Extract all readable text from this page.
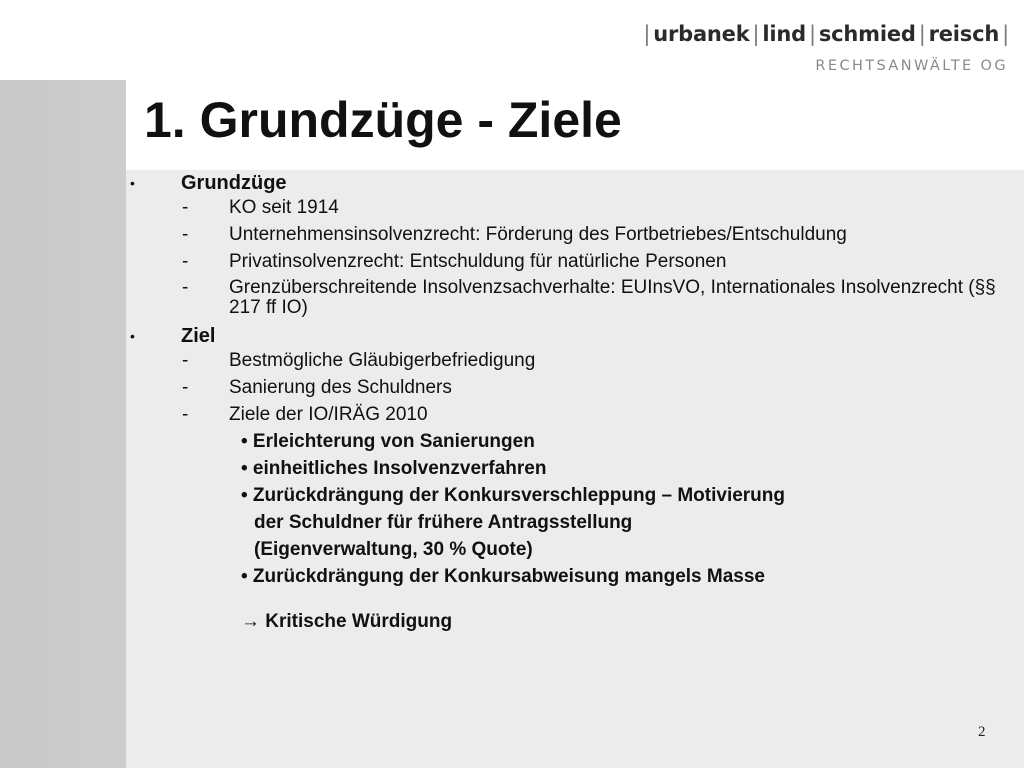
| urbanek | lind | schmied | reisch |
RECHTSANWÄLTE OG
1. Grundzüge - Ziele
• Grundzüge
- KO seit 1914
- Unternehmensinsolvenzrecht: Förderung des Fortbetriebes/Entschuldung
- Privatinsolvenzrecht: Entschuldung für natürliche Personen
- Grenzüberschreitende Insolvenzsachverhalte: EUInsVO, Internationales Insolvenzrecht (§§ 217 ff IO)
• Ziel
- Bestmögliche Gläubigerbefriedigung
- Sanierung des Schuldners
- Ziele der IO/IRÄG 2010
• Erleichterung von Sanierungen
• einheitliches Insolvenzverfahren
• Zurückdrängung der Konkursverschleppung – Motivierung
der Schuldner für frühere Antragsstellung
(Eigenverwaltung, 30 % Quote)
• Zurückdrängung der Konkursabweisung mangels Masse
→ Kritische Würdigung
2
